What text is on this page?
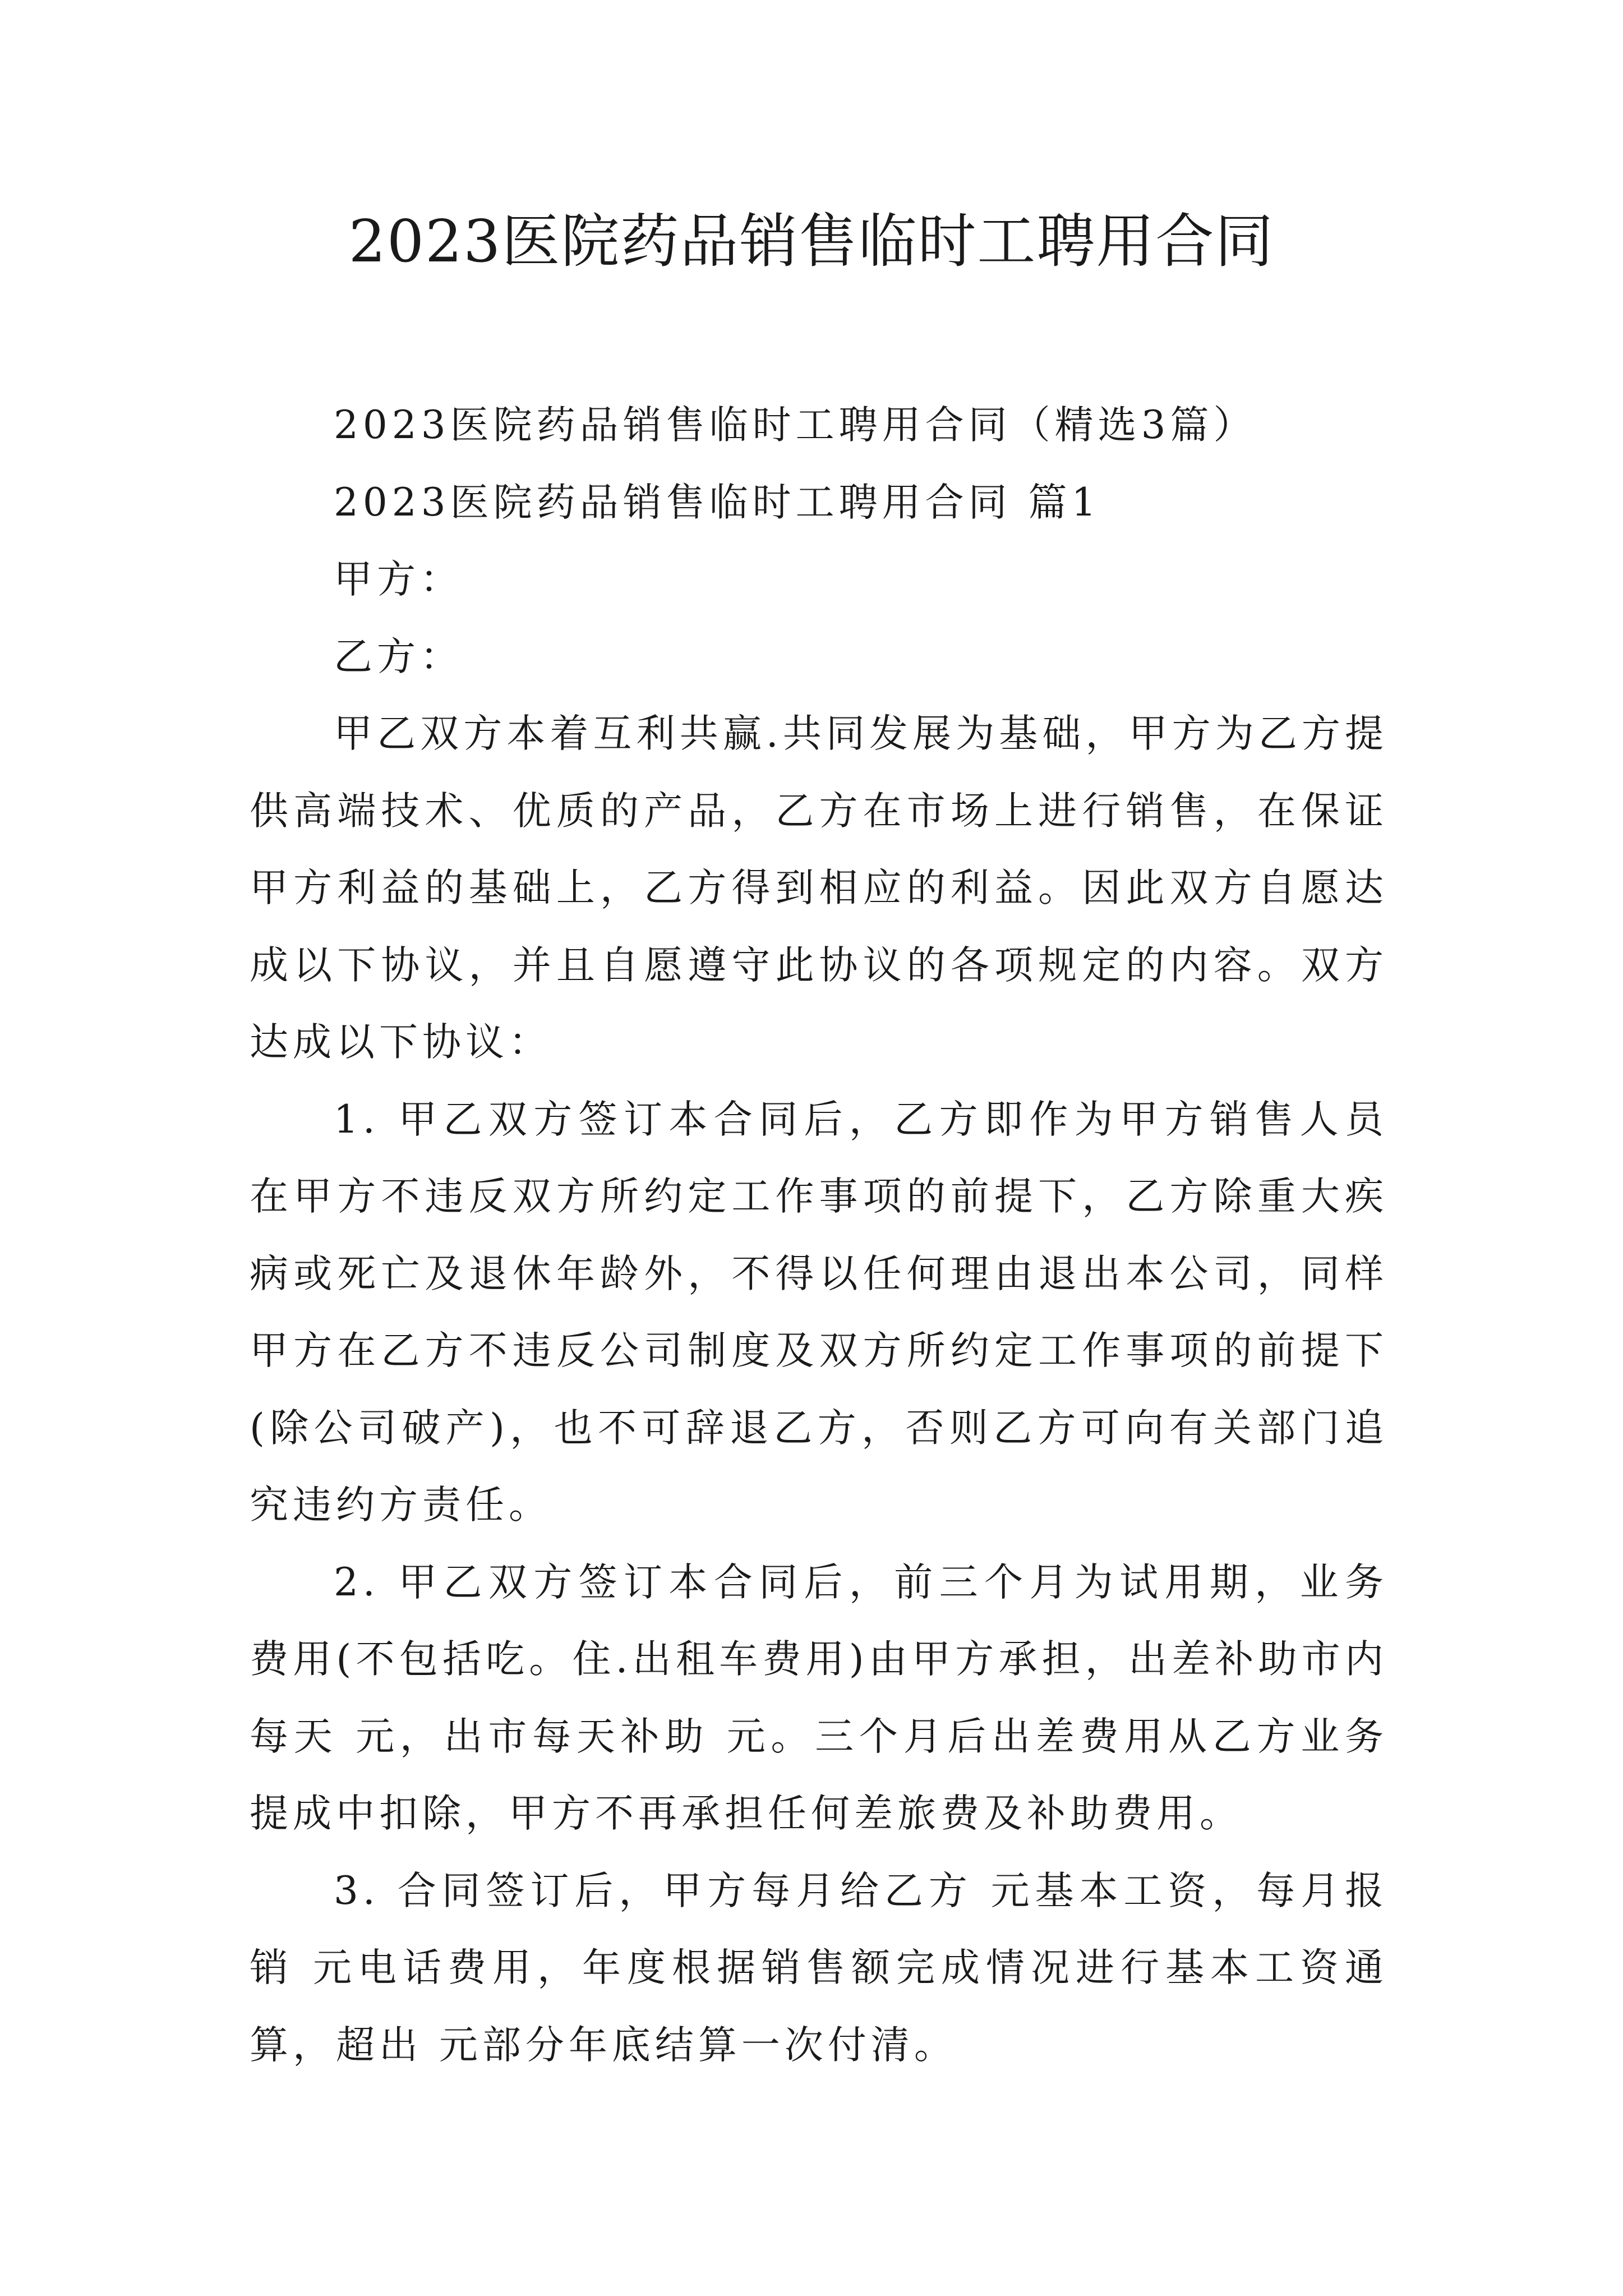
2023医院药品销售临时工聘用合同

2023医院药品销售临时工聘用合同（精选3篇）

2023医院药品销售临时工聘用合同 篇1

甲方：

乙方：

甲乙双方本着互利共赢.共同发展为基础，甲方为乙方提供高端技术、优质的产品，乙方在市场上进行销售，在保证甲方利益的基础上，乙方得到相应的利益。因此双方自愿达成以下协议，并且自愿遵守此协议的各项规定的内容。双方达成以下协议：

1. 甲乙双方签订本合同后，乙方即作为甲方销售人员在甲方不违反双方所约定工作事项的前提下，乙方除重大疾病或死亡及退休年龄外，不得以任何理由退出本公司，同样甲方在乙方不违反公司制度及双方所约定工作事项的前提下(除公司破产)，也不可辞退乙方，否则乙方可向有关部门追究违约方责任。

2. 甲乙双方签订本合同后，前三个月为试用期，业务费用(不包括吃。住.出租车费用)由甲方承担，出差补助市内每天 元，出市每天补助 元。三个月后出差费用从乙方业务提成中扣除，甲方不再承担任何差旅费及补助费用。

3. 合同签订后，甲方每月给乙方 元基本工资，每月报销 元电话费用，年度根据销售额完成情况进行基本工资通算，超出 元部分年底结算一次付清。
